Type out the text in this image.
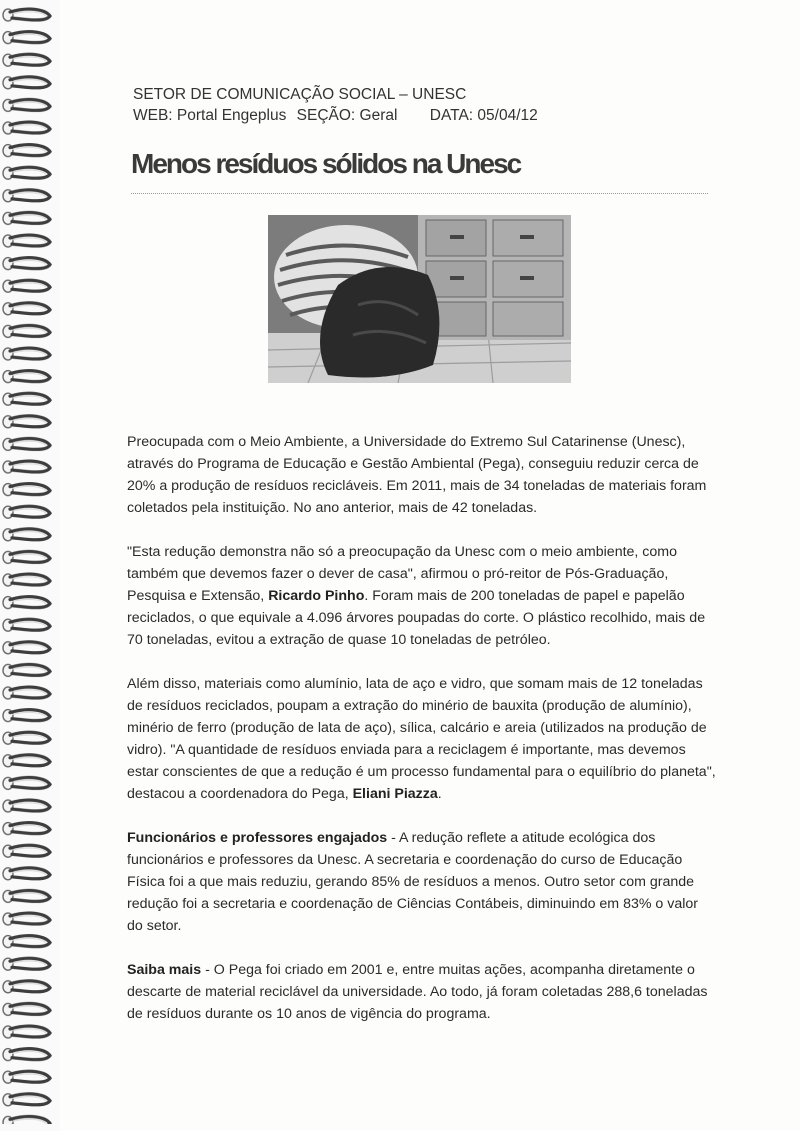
SETOR DE COMUNICAÇÃO SOCIAL – UNESC
WEB: Portal Engeplus SEÇÃO: Geral DATA: 05/04/12
Menos resíduos sólidos na Unesc

Preocupada com o Meio Ambiente, a Universidade do Extremo Sul Catarinense (Unesc), através do Programa de Educação e Gestão Ambiental (Pega), conseguiu reduzir cerca de 20% a produção de resíduos recicláveis. Em 2011, mais de 34 toneladas de materiais foram coletados pela instituição. No ano anterior, mais de 42 toneladas.

"Esta redução demonstra não só a preocupação da Unesc com o meio ambiente, como também que devemos fazer o dever de casa", afirmou o pró-reitor de Pós-Graduação, Pesquisa e Extensão, Ricardo Pinho. Foram mais de 200 toneladas de papel e papelão reciclados, o que equivale a 4.096 árvores poupadas do corte. O plástico recolhido, mais de 70 toneladas, evitou a extração de quase 10 toneladas de petróleo.

Além disso, materiais como alumínio, lata de aço e vidro, que somam mais de 12 toneladas de resíduos reciclados, poupam a extração do minério de bauxita (produção de alumínio), minério de ferro (produção de lata de aço), sílica, calcário e areia (utilizados na produção de vidro). "A quantidade de resíduos enviada para a reciclagem é importante, mas devemos estar conscientes de que a redução é um processo fundamental para o equilíbrio do planeta", destacou a coordenadora do Pega, Eliani Piazza.

Funcionários e professores engajados - A redução reflete a atitude ecológica dos funcionários e professores da Unesc. A secretaria e coordenação do curso de Educação Física foi a que mais reduziu, gerando 85% de resíduos a menos. Outro setor com grande redução foi a secretaria e coordenação de Ciências Contábeis, diminuindo em 83% o valor do setor.

Saiba mais - O Pega foi criado em 2001 e, entre muitas ações, acompanha diretamente o descarte de material reciclável da universidade. Ao todo, já foram coletadas 288,6 toneladas de resíduos durante os 10 anos de vigência do programa.
